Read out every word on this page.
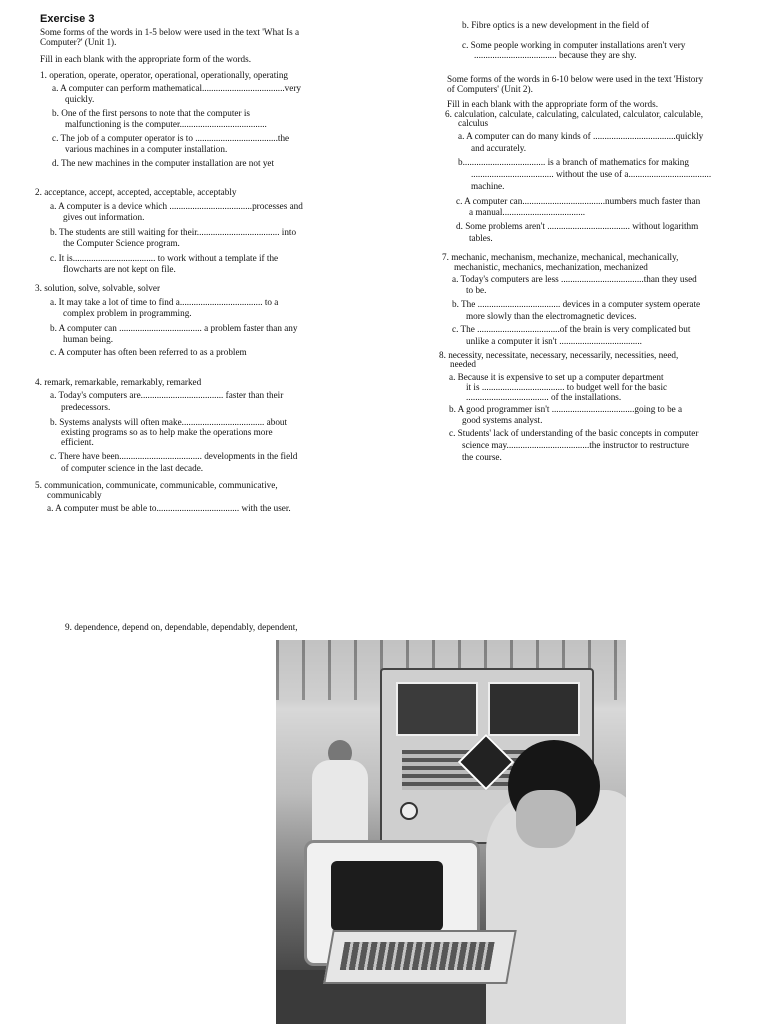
Exercise 3
Some forms of the words in 1-5 below were used in the text 'What Is a
Computer?' (Unit 1).
Fill in each blank with the appropriate form of the words.
1. operation, operate, operator, operational, operationally, operating
a. A computer can perform mathematical....................................very
quickly.
b. One of the first persons to note that the computer is
malfunctioning is the computer......................................
c. The job of a computer operator is to ....................................the
various machines in a computer installation.
d. The new machines in the computer installation are not yet
2. acceptance, accept, accepted, acceptable, acceptably
a. A computer is a device which ....................................processes and
gives out information.
b. The students are still waiting for their.................................... into
the Computer Science program.
c. It is.................................... to work without a template if the
flowcharts are not kept on file.
3. solution, solve, solvable, solver
a. It may take a lot of time to find a.................................... to a
complex problem in programming.
b. A computer can .................................... a problem faster than any
human being.
c. A computer has often been referred to as a problem
4. remark, remarkable, remarkably, remarked
a. Today's computers are.................................... faster than their
predecessors.
b. Systems analysts will often make.................................... about
existing programs so as to help make the operations more
efficient.
c. There have been.................................... developments in the field
of computer science in the last decade.
5. communication, communicate, communicable, communicative,
communicably
a. A computer must be able to.................................... with the user.
b. Fibre optics is a new development in the field of
c. Some people working in computer installations aren't very
.................................... because they are shy.
Some forms of the words in 6-10 below were used in the text 'History
of Computers' (Unit 2).
Fill in each blank with the appropriate form of the words.
6. calculation, calculate, calculating, calculated, calculator, calculable,
calculus
a. A computer can do many kinds of ....................................quickly
and accurately.
b.................................... is a branch of mathematics for making
.................................... without the use of a....................................
machine.
c. A computer can....................................numbers much faster than
a manual....................................
d. Some problems aren't .................................... without logarithm
tables.
7. mechanic, mechanism, mechanize, mechanical, mechanically,
mechanistic, mechanics, mechanization, mechanized
a. Today's computers are less ....................................than they used
to be.
b. The .................................... devices in a computer system operate
more slowly than the electromagnetic devices.
c. The ....................................of the brain is very complicated but
unlike a computer it isn't ....................................
8. necessity, necessitate, necessary, necessarily, necessities, need,
needed
a. Because it is expensive to set up a computer department
it is .................................... to budget well for the basic
.................................... of the installations.
b. A good programmer isn't ....................................going to be a
good systems analyst.
c. Students' lack of understanding of the basic concepts in computer
science may....................................the instructor to restructure
the course.
9. dependence, depend on, dependable, dependably, dependent,
